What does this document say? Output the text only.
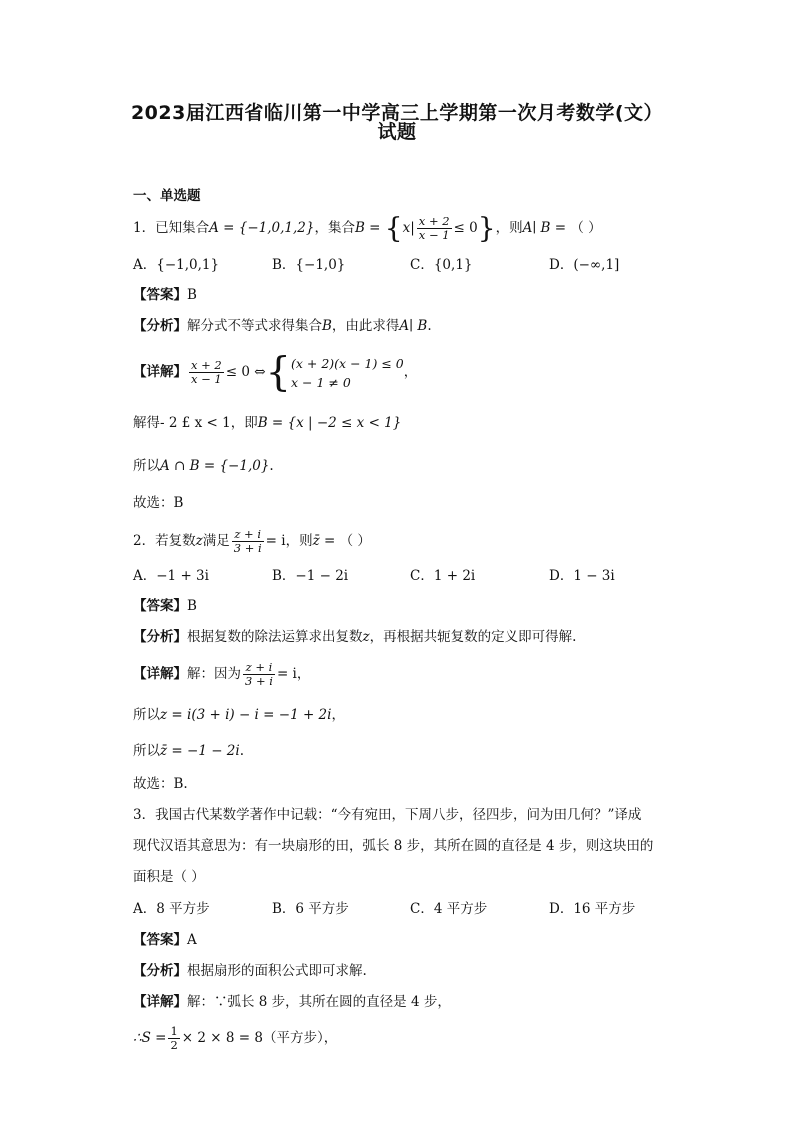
2023届江西省临川第一中学高三上学期第一次月考数学(文）
试题
一、单选题
1．已知集合A = {−1,0,1,2}，集合$B = \{x| \frac{x + 2}{x - 1} \le 0\}$，则A∣ B = （ ）
A．{−1,0,1}	B．{−1,0}	C．{0,1}	D．(−∞,1]
【答案】B
【分析】解分式不等式求得集合B，由此求得A∣ B.
【详解】 $\frac{x + 2}{x - 1} \le 0$ ⇔{ (x + 2)(x − 1) ≤ 0
x − 1 ≠ 0
，
解得- 2 £ x < 1，即B = {x | −2 ≤ x < 1}
所以A ∩ B = {−1,0}.
故选：B
2．若复数z满足 $\frac{z + i}{3 + i} = i$，则z̄ = （ ）
A．−1 + 3i	B．−1 − 2i	C．1 + 2i	D．1 − 3i
【答案】B
【分析】根据复数的除法运算求出复数z，再根据共轭复数的定义即可得解.
【详解】解：因为 $\frac{z + i}{3 + i} = i$，
所以z = i(3 + i) − i = −1 + 2i，
所以z̄ = −1 − 2i.
故选：B.
3．我国古代某数学著作中记载：“今有宛田，下周八步，径四步，问为田几何？”译成
现代汉语其意思为：有一块扇形的田，弧长 8 步，其所在圆的直径是 4 步，则这块田的
面积是（ ）
A．8 平方步	B．6 平方步	C．4 平方步	D．16 平方步
【答案】A
【分析】根据扇形的面积公式即可求解.
【详解】解：∵弧长 8 步，其所在圆的直径是 4 步，
∴S = $\frac{1}{2} \times 2 \times 8 = 8$（平方步），
